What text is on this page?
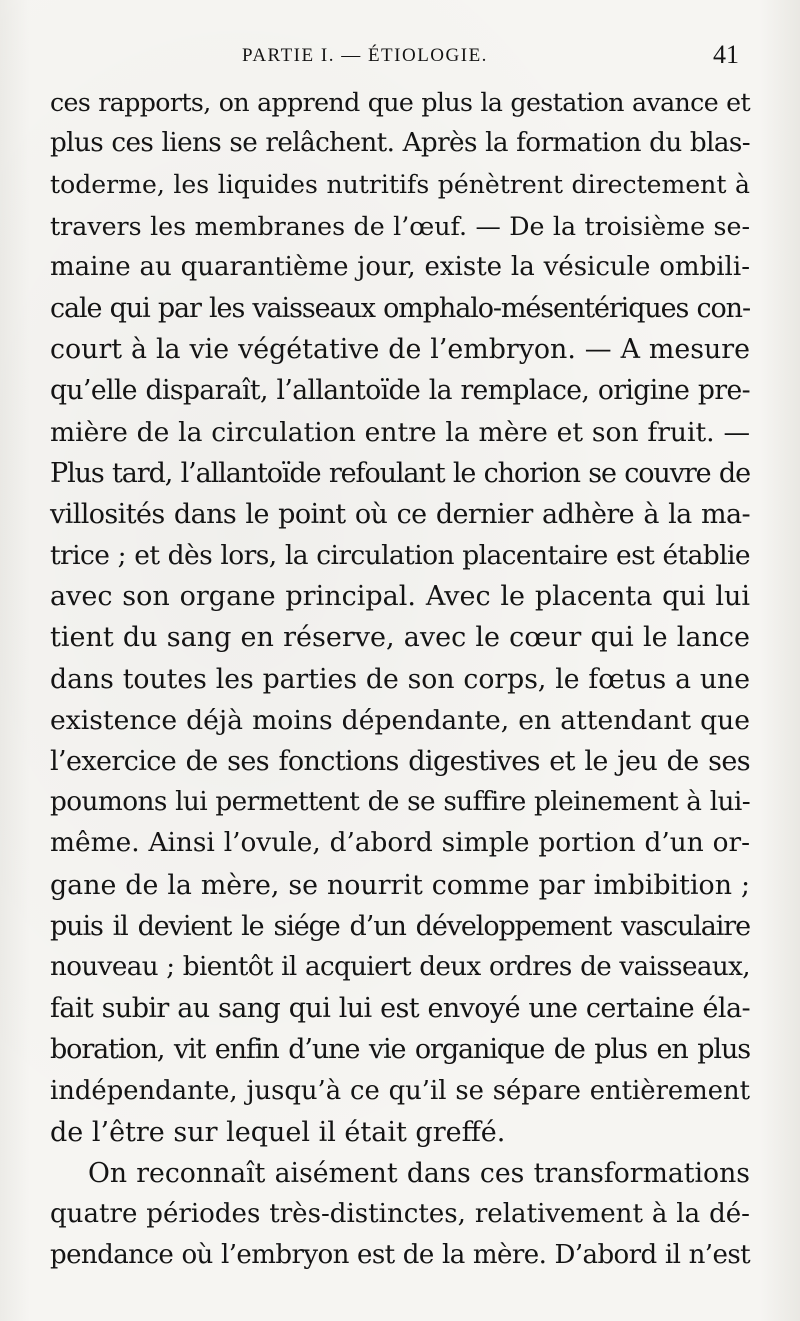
PARTIE I. — ÉTIOLOGIE.	41
ces rapports, on apprend que plus la gestation avance et
plus ces liens se relâchent. Après la formation du blas-
toderme, les liquides nutritifs pénètrent directement à
travers les membranes de l’œuf. — De la troisième se-
maine au quarantième jour, existe la vésicule ombili-
cale qui par les vaisseaux omphalo-mésentériques con-
court à la vie végétative de l’embryon. — A mesure
qu’elle disparaît, l’allantoïde la remplace, origine pre-
mière de la circulation entre la mère et son fruit. —
Plus tard, l’allantoïde refoulant le chorion se couvre de
villosités dans le point où ce dernier adhère à la ma-
trice ; et dès lors, la circulation placentaire est établie
avec son organe principal. Avec le placenta qui lui
tient du sang en réserve, avec le cœur qui le lance
dans toutes les parties de son corps, le fœtus a une
existence déjà moins dépendante, en attendant que
l’exercice de ses fonctions digestives et le jeu de ses
poumons lui permettent de se suffire pleinement à lui-
même. Ainsi l’ovule, d’abord simple portion d’un or-
gane de la mère, se nourrit comme par imbibition ;
puis il devient le siége d’un développement vasculaire
nouveau ; bientôt il acquiert deux ordres de vaisseaux,
fait subir au sang qui lui est envoyé une certaine éla-
boration, vit enfin d’une vie organique de plus en plus
indépendante, jusqu’à ce qu’il se sépare entièrement
de l’être sur lequel il était greffé.
On reconnaît aisément dans ces transformations
quatre périodes très-distinctes, relativement à la dé-
pendance où l’embryon est de la mère. D’abord il n’est
